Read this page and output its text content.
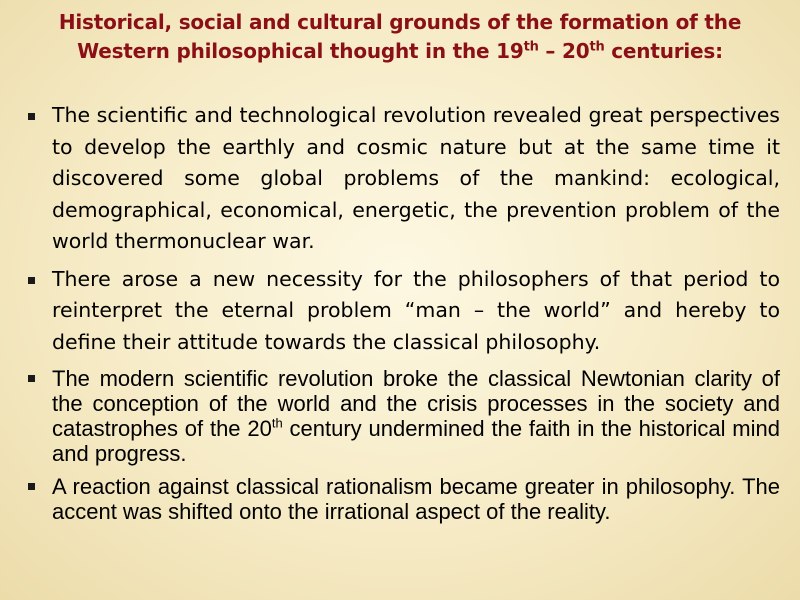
Historical, social and cultural grounds of the formation of the
Western philosophical thought in the 19th – 20th centuries:
The scientific and technological revolution revealed great perspectives to develop the earthly and cosmic nature but at the same time it discovered some global problems of the mankind: ecological, demographical, economical, energetic, the prevention problem of the world thermonuclear war.
There arose a new necessity for the philosophers of that period to reinterpret the eternal problem “man – the world” and hereby to define their attitude towards the classical philosophy.
The modern scientific revolution broke the classical Newtonian clarity of the conception of the world and the crisis processes in the society and catastrophes of the 20th century undermined the faith in the historical mind and progress.
A reaction against classical rationalism became greater in philosophy. The accent was shifted onto the irrational aspect of the reality.
